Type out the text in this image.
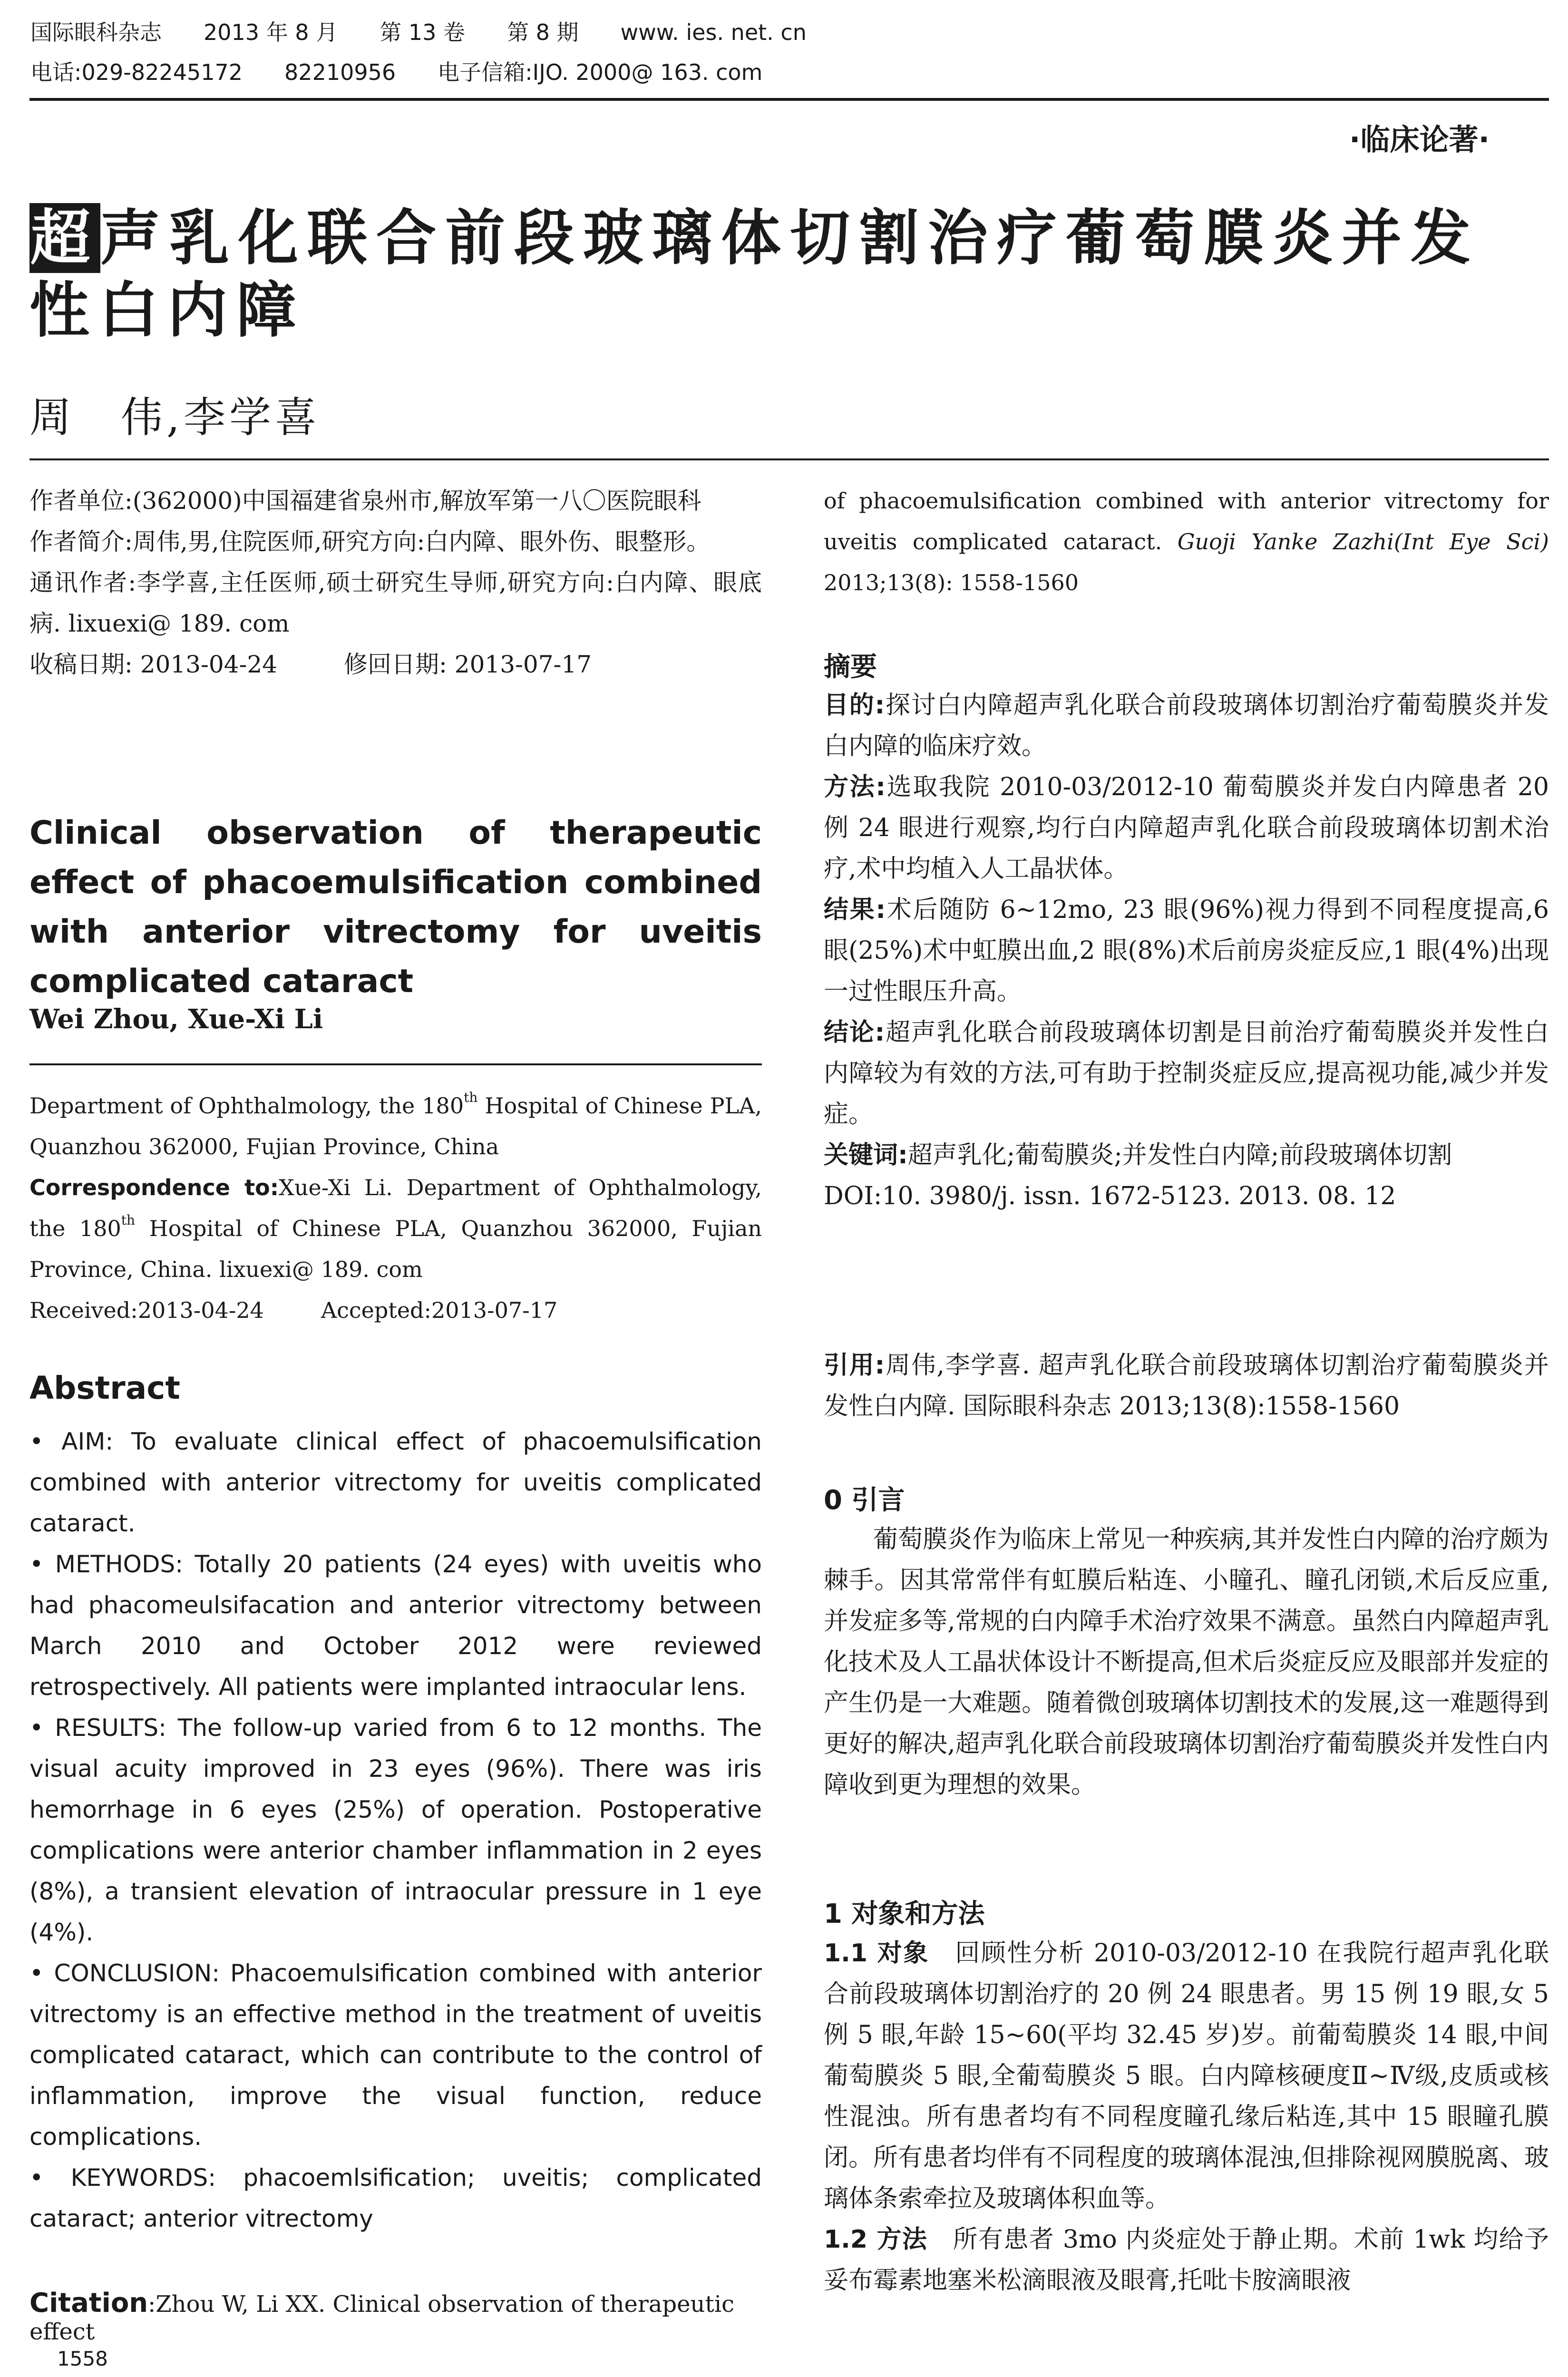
国际眼科杂志 2013 年 8 月 第 13 卷 第 8 期 www. ies. net. cn
电话:029-82245172 82210956 电子信箱:IJO. 2000@ 163. com
·临床论著·
超声乳化联合前段玻璃体切割治疗葡萄膜炎并发性白内障
周　伟,李学喜

作者单位:(362000)中国福建省泉州市,解放军第一八〇医院眼科

作者简介:周伟,男,住院医师,研究方向:白内障、眼外伤、眼整形。

通讯作者:李学喜,主任医师,硕士研究生导师,研究方向:白内障、眼底病. lixuexi@ 189. com

收稿日期: 2013-04-24	修回日期: 2013-07-17

Clinical observation of therapeutic effect of phacoemulsification combined with anterior vitrectomy for uveitis complicated cataract
Wei Zhou, Xue-Xi Li

Department of Ophthalmology, the 180th Hospital of Chinese PLA, Quanzhou 362000, Fujian Province, China

Correspondence to:Xue-Xi Li. Department of Ophthalmology, the 180th Hospital of Chinese PLA, Quanzhou 362000, Fujian Province, China. lixuexi@ 189. com

Received:2013-04-24	Accepted:2013-07-17

Abstract

• AIM: To evaluate clinical effect of phacoemulsification combined with anterior vitrectomy for uveitis complicated cataract.

• METHODS: Totally 20 patients (24 eyes) with uveitis who had phacomeulsifacation and anterior vitrectomy between March 2010 and October 2012 were reviewed retrospectively. All patients were implanted intraocular lens.

• RESULTS: The follow-up varied from 6 to 12 months. The visual acuity improved in 23 eyes (96%). There was iris hemorrhage in 6 eyes (25%) of operation. Postoperative complications were anterior chamber inflammation in 2 eyes (8%), a transient elevation of intraocular pressure in 1 eye (4%).

• CONCLUSION: Phacoemulsification combined with anterior vitrectomy is an effective method in the treatment of uveitis complicated cataract, which can contribute to the control of inflammation, improve the visual function, reduce complications.

• KEYWORDS: phacoemlsification; uveitis; complicated cataract; anterior vitrectomy

Citation:Zhou W, Li XX. Clinical observation of therapeutic effect
1558

of phacoemulsification combined with anterior vitrectomy for uveitis complicated cataract. Guoji Yanke Zazhi(Int Eye Sci) 2013;13(8): 1558-1560

摘要

目的:探讨白内障超声乳化联合前段玻璃体切割治疗葡萄膜炎并发白内障的临床疗效。

方法:选取我院 2010-03/2012-10 葡萄膜炎并发白内障患者 20 例 24 眼进行观察,均行白内障超声乳化联合前段玻璃体切割术治疗,术中均植入人工晶状体。

结果:术后随防 6~12mo, 23 眼(96%)视力得到不同程度提高,6 眼(25%)术中虹膜出血,2 眼(8%)术后前房炎症反应,1 眼(4%)出现一过性眼压升高。

结论:超声乳化联合前段玻璃体切割是目前治疗葡萄膜炎并发性白内障较为有效的方法,可有助于控制炎症反应,提高视功能,减少并发症。

关键词:超声乳化;葡萄膜炎;并发性白内障;前段玻璃体切割

DOI:10. 3980/j. issn. 1672-5123. 2013. 08. 12

引用:周伟,李学喜. 超声乳化联合前段玻璃体切割治疗葡萄膜炎并发性白内障. 国际眼科杂志 2013;13(8):1558-1560

0 引言

葡萄膜炎作为临床上常见一种疾病,其并发性白内障的治疗颇为棘手。因其常常伴有虹膜后粘连、小瞳孔、瞳孔闭锁,术后反应重,并发症多等,常规的白内障手术治疗效果不满意。虽然白内障超声乳化技术及人工晶状体设计不断提高,但术后炎症反应及眼部并发症的产生仍是一大难题。随着微创玻璃体切割技术的发展,这一难题得到更好的解决,超声乳化联合前段玻璃体切割治疗葡萄膜炎并发性白内障收到更为理想的效果。

1 对象和方法

1.1 对象　 回顾性分析 2010-03/2012-10 在我院行超声乳化联合前段玻璃体切割治疗的 20 例 24 眼患者。男 15 例 19 眼,女 5 例 5 眼,年龄 15~60(平均 32.45 岁)岁。前葡萄膜炎 14 眼,中间葡萄膜炎 5 眼,全葡萄膜炎 5 眼。白内障核硬度Ⅱ~Ⅳ级,皮质或核性混浊。所有患者均有不同程度瞳孔缘后粘连,其中 15 眼瞳孔膜闭。所有患者均伴有不同程度的玻璃体混浊,但排除视网膜脱离、玻璃体条索牵拉及玻璃体积血等。

1.2 方法　 所有患者 3mo 内炎症处于静止期。术前 1wk 均给予妥布霉素地塞米松滴眼液及眼膏,托吡卡胺滴眼液
